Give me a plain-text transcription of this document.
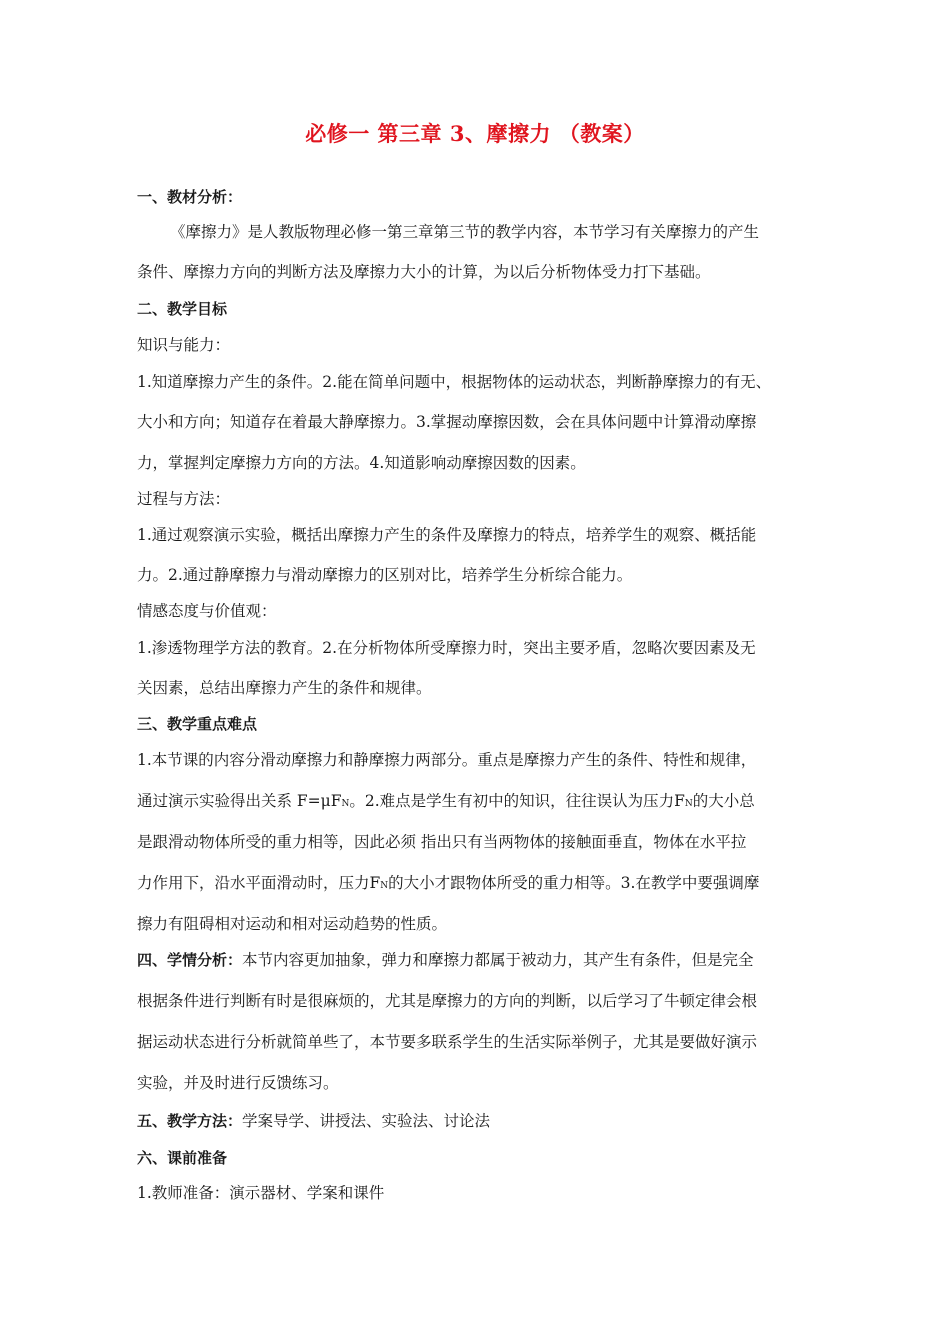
必修一 第三章 3、摩擦力 （教案）
一、教材分析：
《摩擦力》是人教版物理必修一第三章第三节的教学内容，本节学习有关摩擦力的产生
条件、摩擦力方向的判断方法及摩擦力大小的计算，为以后分析物体受力打下基础。
二、教学目标
知识与能力：
1.知道摩擦力产生的条件。2.能在简单问题中，根据物体的运动状态，判断静摩擦力的有无、
大小和方向；知道存在着最大静摩擦力。3.掌握动摩擦因数，会在具体问题中计算滑动摩擦
力，掌握判定摩擦力方向的方法。4.知道影响动摩擦因数的因素。
过程与方法：
1.通过观察演示实验，概括出摩擦力产生的条件及摩擦力的特点，培养学生的观察、概括能
力。2.通过静摩擦力与滑动摩擦力的区别对比，培养学生分析综合能力。
情感态度与价值观：
1.渗透物理学方法的教育。2.在分析物体所受摩擦力时，突出主要矛盾，忽略次要因素及无
关因素，总结出摩擦力产生的条件和规律。
三、教学重点难点
1.本节课的内容分滑动摩擦力和静摩擦力两部分。重点是摩擦力产生的条件、特性和规律，
通过演示实验得出关系 F=μFN。2.难点是学生有初中的知识，往往误认为压力FN的大小总
是跟滑动物体所受的重力相等，因此必须 指出只有当两物体的接触面垂直，物体在水平拉
力作用下，沿水平面滑动时，压力FN的大小才跟物体所受的重力相等。3.在教学中要强调摩
擦力有阻碍相对运动和相对运动趋势的性质。
四、学情分析：本节内容更加抽象，弹力和摩擦力都属于被动力，其产生有条件，但是完全
根据条件进行判断有时是很麻烦的，尤其是摩擦力的方向的判断，以后学习了牛顿定律会根
据运动状态进行分析就简单些了，本节要多联系学生的生活实际举例子，尤其是要做好演示
实验，并及时进行反馈练习。
五、教学方法：学案导学、讲授法、实验法、讨论法
六、课前准备
1.教师准备：演示器材、学案和课件
